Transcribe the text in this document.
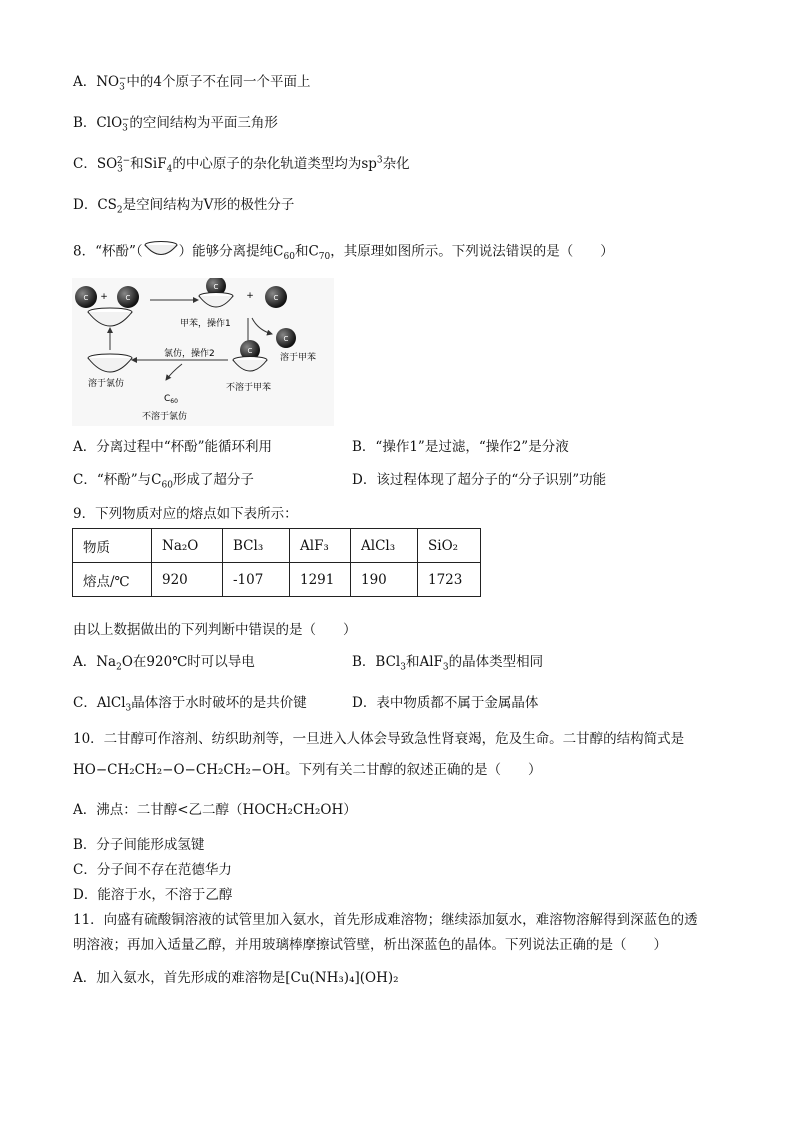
A．$NO_3^-$中的4个原子不在同一个平面上
B．ClO$_3$−的空间结构为平面三角形
C．$SO_3^{2-}$和SiF$_4$的中心原子的杂化轨道类型均为$sp^3$杂化
D．$CS_2$是空间结构为V形的极性分子
8．“杯酚”（	）能够分离提纯$C_{60}$和$C_{70}$，其原理如图所示。下列说法错误的是（　　）
C +	C
C
+	C
甲苯，操作1
C
溶于甲苯
C
不溶于甲苯
氯仿，操作2
溶于氯仿
$C_{60}$
不溶于氯仿
A．分离过程中“杯酚”能循环利用	B．“操作1”是过滤，“操作2”是分液
C．“杯酚”与$C_{60}$形成了超分子	D．该过程体现了超分子的“分子识别”功能
9．下列物质对应的熔点如下表所示：
物质	Na₂O	BCl₃	AlF₃	AlCl₃	SiO₂
熔点/℃	920	-107	1291	190	1723
由以上数据做出的下列判断中错误的是（　　）
A．$Na_2O$在920℃时可以导电	B．BCl$_3$和AlF$_3$的晶体类型相同
C．AlCl$_3$晶体溶于水时破坏的是共价键	D．表中物质都不属于金属晶体
10．二甘醇可作溶剂、纺织助剂等，一旦进入人体会导致急性肾衰竭，危及生命。二甘醇的结构简式是
HO−CH₂CH₂−O−CH₂CH₂−OH。下列有关二甘醇的叙述正确的是（　　）
A．沸点：二甘醇<乙二醇（HOCH₂CH₂OH）
B．分子间能形成氢键
C．分子间不存在范德华力
D．能溶于水，不溶于乙醇
11．向盛有硫酸铜溶液的试管里加入氨水，首先形成难溶物；继续添加氨水，难溶物溶解得到深蓝色的透
明溶液；再加入适量乙醇，并用玻璃棒摩擦试管壁，析出深蓝色的晶体。下列说法正确的是（　　）
A．加入氨水，首先形成的难溶物是[Cu(NH₃)₄](OH)₂
